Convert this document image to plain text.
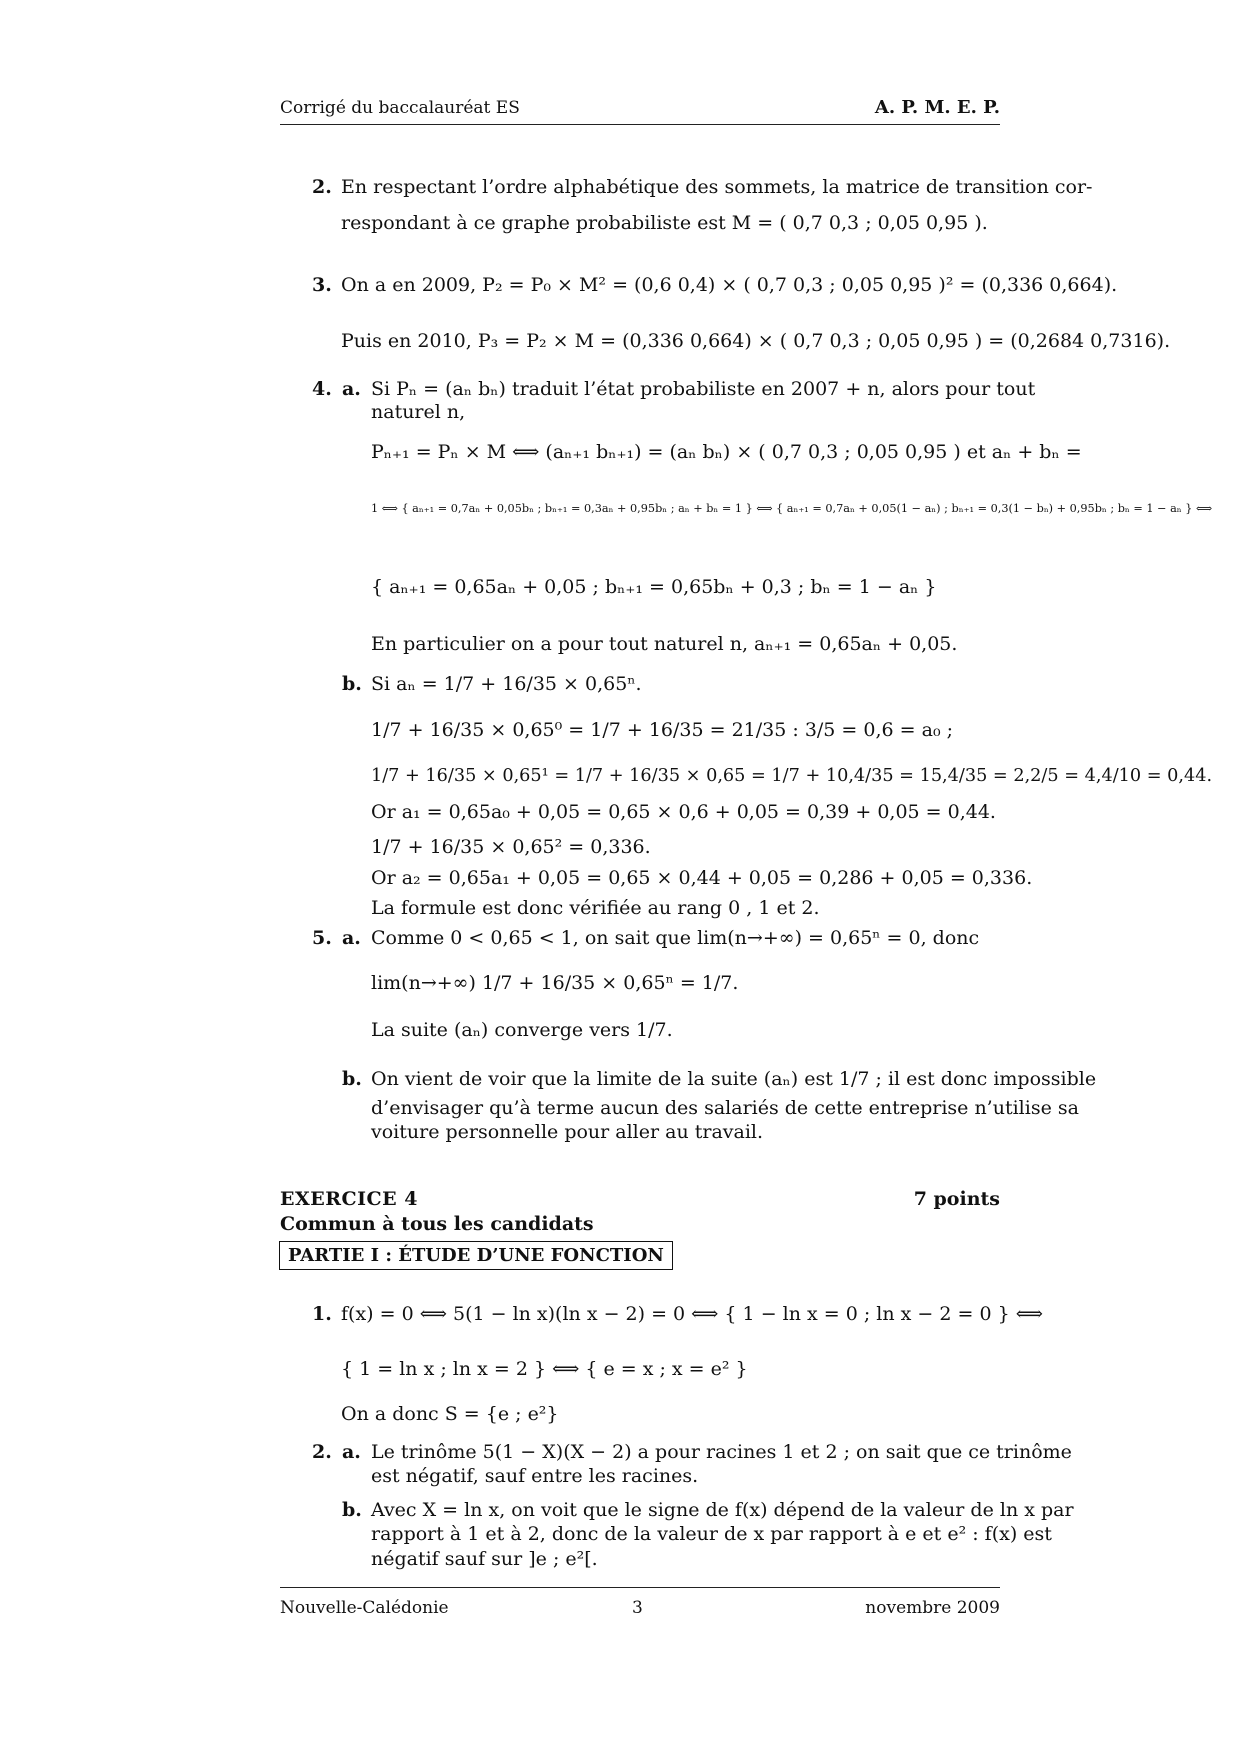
Corrigé du baccalauréat ES	A. P. M. E. P.
2. En respectant l’ordre alphabétique des sommets, la matrice de transition cor-
respondant à ce graphe probabiliste est M = ( 0,7 0,3 ; 0,05 0,95 ).
3. On a en 2009, P₂ = P₀ × M² = (0,6 0,4) × ( 0,7 0,3 ; 0,05 0,95 )² = (0,336 0,664).
Puis en 2010, P₃ = P₂ × M = (0,336 0,664) × ( 0,7 0,3 ; 0,05 0,95 ) = (0,2684 0,7316).
4. a. Si Pₙ = (aₙ bₙ) traduit l’état probabiliste en 2007 + n, alors pour tout
naturel n,
Pₙ₊₁ = Pₙ × M ⟺ (aₙ₊₁ bₙ₊₁) = (aₙ bₙ) × ( 0,7 0,3 ; 0,05 0,95 ) et aₙ + bₙ =
1 ⟺ { aₙ₊₁ = 0,7aₙ + 0,05bₙ ; bₙ₊₁ = 0,3aₙ + 0,95bₙ ; aₙ + bₙ = 1 } ⟺ { aₙ₊₁ = 0,7aₙ + 0,05(1 − aₙ) ; bₙ₊₁ = 0,3(1 − bₙ) + 0,95bₙ ; bₙ = 1 − aₙ } ⟺
{ aₙ₊₁ = 0,65aₙ + 0,05 ; bₙ₊₁ = 0,65bₙ + 0,3 ; bₙ = 1 − aₙ }
En particulier on a pour tout naturel n, aₙ₊₁ = 0,65aₙ + 0,05.
b. Si aₙ = 1/7 + 16/35 × 0,65ⁿ.
1/7 + 16/35 × 0,65⁰ = 1/7 + 16/35 = 21/35 : 3/5 = 0,6 = a₀ ;
1/7 + 16/35 × 0,65¹ = 1/7 + 16/35 × 0,65 = 1/7 + 10,4/35 = 15,4/35 = 2,2/5 = 4,4/10 = 0,44.
Or a₁ = 0,65a₀ + 0,05 = 0,65 × 0,6 + 0,05 = 0,39 + 0,05 = 0,44.
1/7 + 16/35 × 0,65² = 0,336.
Or a₂ = 0,65a₁ + 0,05 = 0,65 × 0,44 + 0,05 = 0,286 + 0,05 = 0,336.
La formule est donc vérifiée au rang 0 , 1 et 2.
5. a. Comme 0 < 0,65 < 1, on sait que lim(n→+∞) = 0,65ⁿ = 0, donc
lim(n→+∞) 1/7 + 16/35 × 0,65ⁿ = 1/7.
La suite (aₙ) converge vers 1/7.
b. On vient de voir que la limite de la suite (aₙ) est 1/7 ; il est donc impossible
d’envisager qu’à terme aucun des salariés de cette entreprise n’utilise sa
voiture personnelle pour aller au travail.
EXERCICE 4	7 points
Commun à tous les candidats
PARTIE I : ÉTUDE D’UNE FONCTION
1. f(x) = 0 ⟺ 5(1 − ln x)(ln x − 2) = 0 ⟺ { 1 − ln x = 0 ; ln x − 2 = 0 } ⟺
{ 1 = ln x ; ln x = 2 } ⟺ { e = x ; x = e² }
On a donc S = {e ; e²}
2. a. Le trinôme 5(1 − X)(X − 2) a pour racines 1 et 2 ; on sait que ce trinôme
est négatif, sauf entre les racines.
b. Avec X = ln x, on voit que le signe de f(x) dépend de la valeur de ln x par
rapport à 1 et à 2, donc de la valeur de x par rapport à e et e² : f(x) est
négatif sauf sur ]e ; e²[.
Nouvelle-Calédonie	3	novembre 2009
